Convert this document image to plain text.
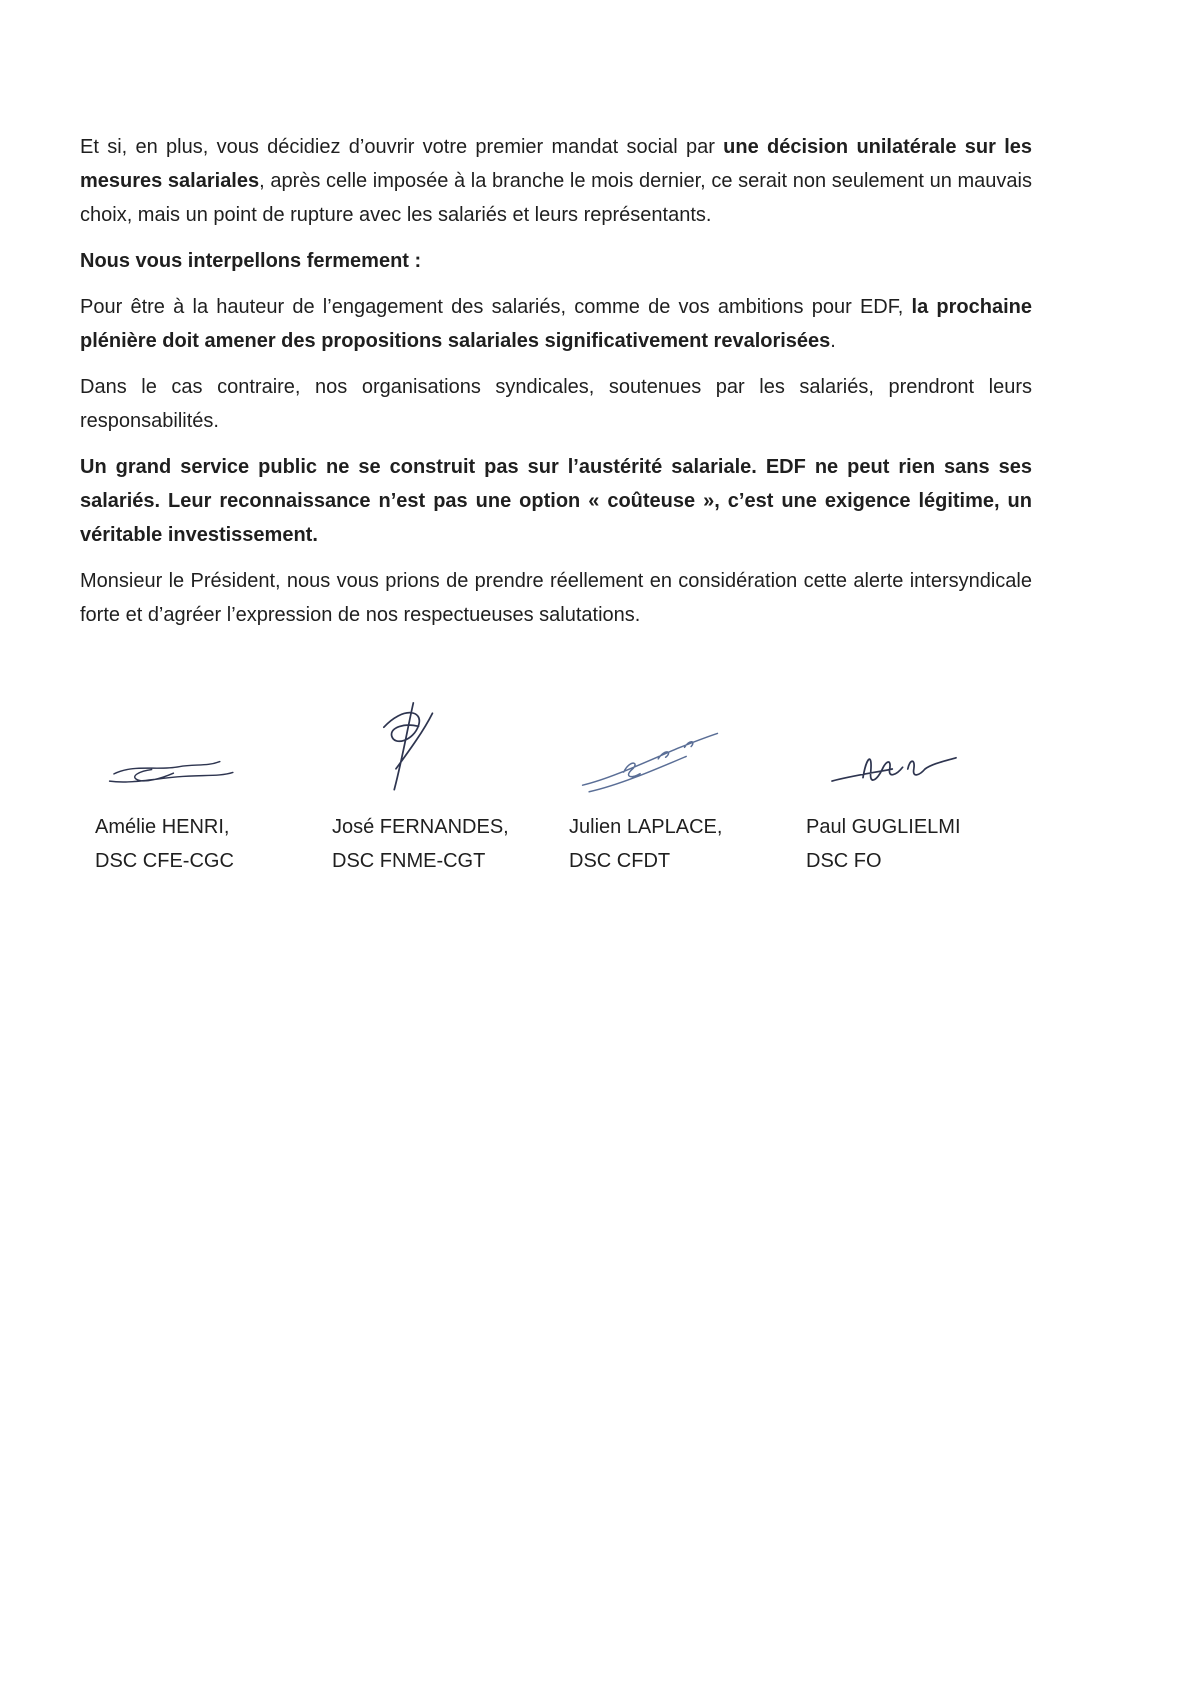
Et si, en plus, vous décidiez d’ouvrir votre premier mandat social par une décision unilatérale sur les mesures salariales, après celle imposée à la branche le mois dernier, ce serait non seulement un mauvais choix, mais un point de rupture avec les salariés et leurs représentants.

Nous vous interpellons fermement :

Pour être à la hauteur de l’engagement des salariés, comme de vos ambitions pour EDF, la prochaine plénière doit amener des propositions salariales significativement revalorisées.

Dans le cas contraire, nos organisations syndicales, soutenues par les salariés, prendront leurs responsabilités.

Un grand service public ne se construit pas sur l’austérité salariale. EDF ne peut rien sans ses salariés. Leur reconnaissance n’est pas une option « coûteuse », c’est une exigence légitime, un véritable investissement.

Monsieur le Président, nous vous prions de prendre réellement en considération cette alerte intersyndicale forte et d’agréer l’expression de nos respectueuses salutations.

Amélie HENRI,
DSC CFE-CGC
José FERNANDES,
DSC FNME-CGT
Julien LAPLACE,
DSC CFDT
Paul GUGLIELMI
DSC FO
